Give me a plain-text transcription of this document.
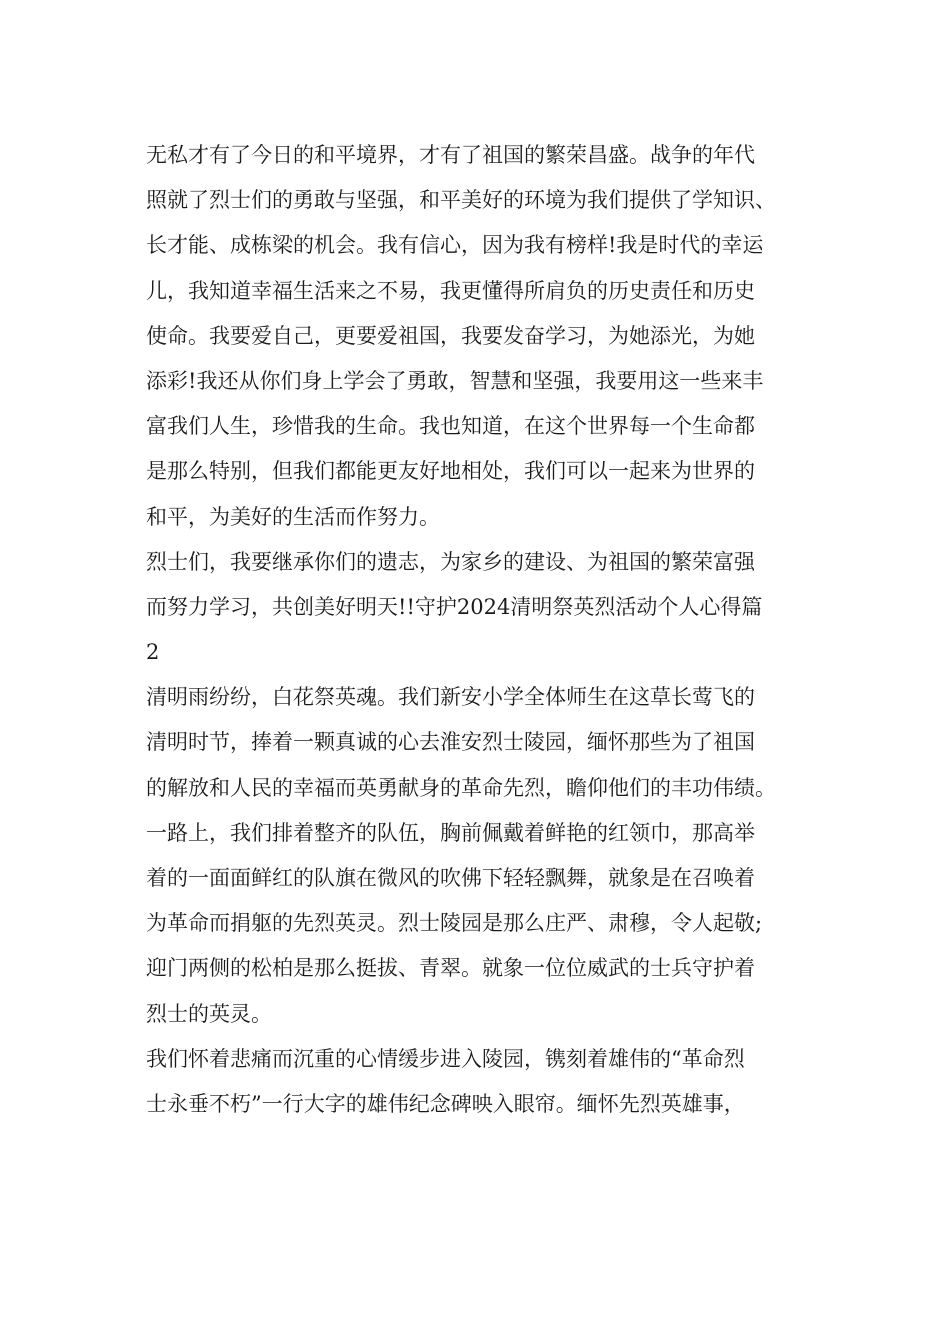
无私才有了今日的和平境界，才有了祖国的繁荣昌盛。战争的年代
照就了烈士们的勇敢与坚强，和平美好的环境为我们提供了学知识、
长才能、成栋梁的机会。我有信心，因为我有榜样!我是时代的幸运
儿，我知道幸福生活来之不易，我更懂得所肩负的历史责任和历史
使命。我要爱自己，更要爱祖国，我要发奋学习，为她添光，为她
添彩!我还从你们身上学会了勇敢，智慧和坚强，我要用这一些来丰
富我们人生，珍惜我的生命。我也知道，在这个世界每一个生命都
是那么特别，但我们都能更友好地相处，我们可以一起来为世界的
和平，为美好的生活而作努力。
烈士们，我要继承你们的遗志，为家乡的建设、为祖国的繁荣富强
而努力学习，共创美好明天!!守护2024清明祭英烈活动个人心得篇
2
清明雨纷纷，白花祭英魂。我们新安小学全体师生在这草长莺飞的
清明时节，捧着一颗真诚的心去淮安烈士陵园，缅怀那些为了祖国
的解放和人民的幸福而英勇献身的革命先烈，瞻仰他们的丰功伟绩。
一路上，我们排着整齐的队伍，胸前佩戴着鲜艳的红领巾，那高举
着的一面面鲜红的队旗在微风的吹佛下轻轻飘舞，就象是在召唤着
为革命而捐躯的先烈英灵。烈士陵园是那么庄严、肃穆，令人起敬;
迎门两侧的松柏是那么挺拔、青翠。就象一位位威武的士兵守护着
烈士的英灵。
我们怀着悲痛而沉重的心情缓步进入陵园，镌刻着雄伟的“革命烈
士永垂不朽”一行大字的雄伟纪念碑映入眼帘。缅怀先烈英雄事，
